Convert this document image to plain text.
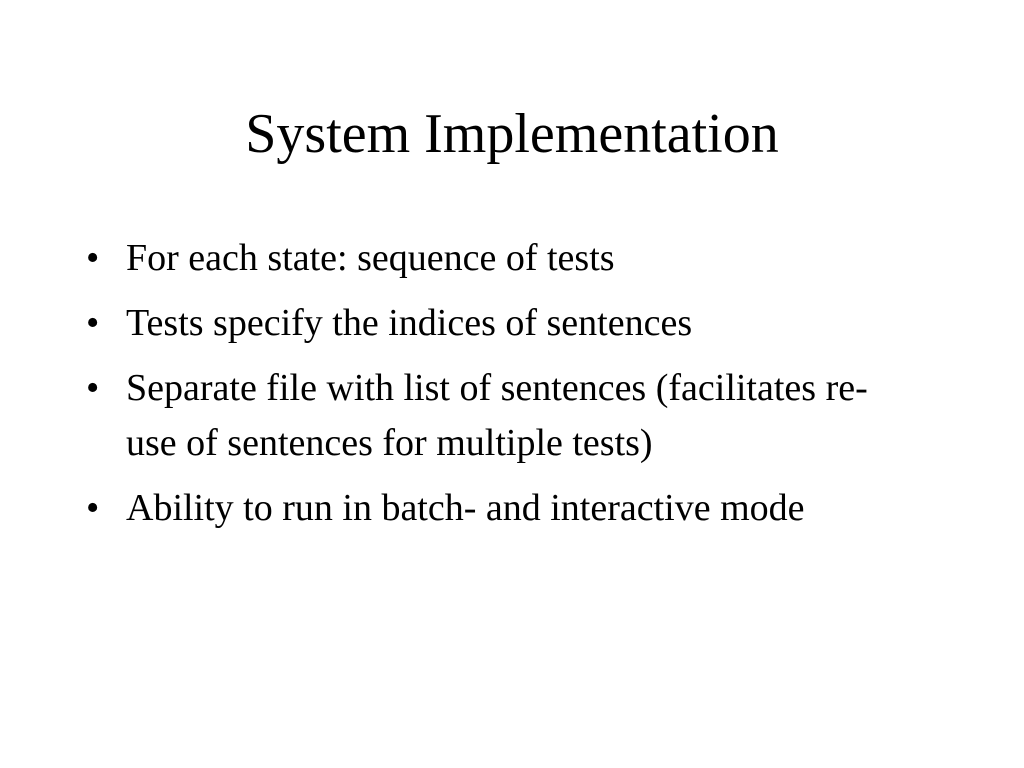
System Implementation
• For each state: sequence of tests
• Tests specify the indices of sentences
• Separate file with list of sentences (facilitates re-use of sentences for multiple tests)
• Ability to run in batch- and interactive mode
